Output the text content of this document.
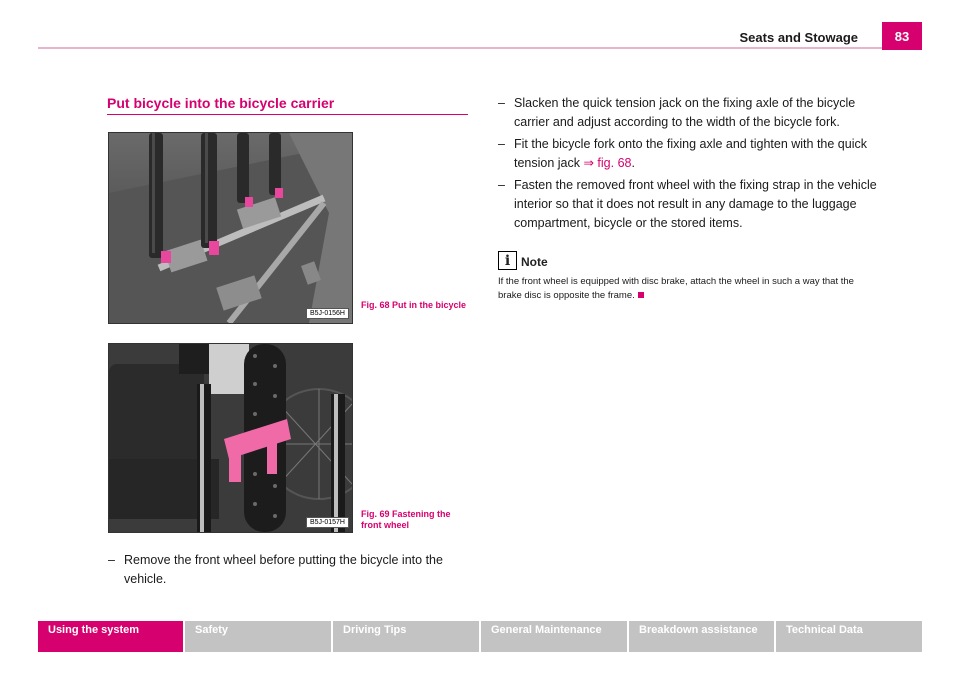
Seats and Stowage	83
Put bicycle into the bicycle carrier
B5J-0156H
Fig. 68 Put in the bicycle
B5J-0157H
Fig. 69 Fastening the front wheel
– Remove the front wheel before putting the bicycle into the vehicle.
– Slacken the quick tension jack on the fixing axle of the bicycle carrier and adjust according to the width of the bicycle fork.
– Fit the bicycle fork onto the fixing axle and tighten with the quick tension jack ⇒ fig. 68.
– Fasten the removed front wheel with the fixing strap in the vehicle interior so that it does not result in any damage to the luggage compartment, bicycle or the stored items.
i Note
If the front wheel is equipped with disc brake, attach the wheel in such a way that the brake disc is opposite the frame.
Using the system	Safety	Driving Tips	General Maintenance	Breakdown assistance	Technical Data
